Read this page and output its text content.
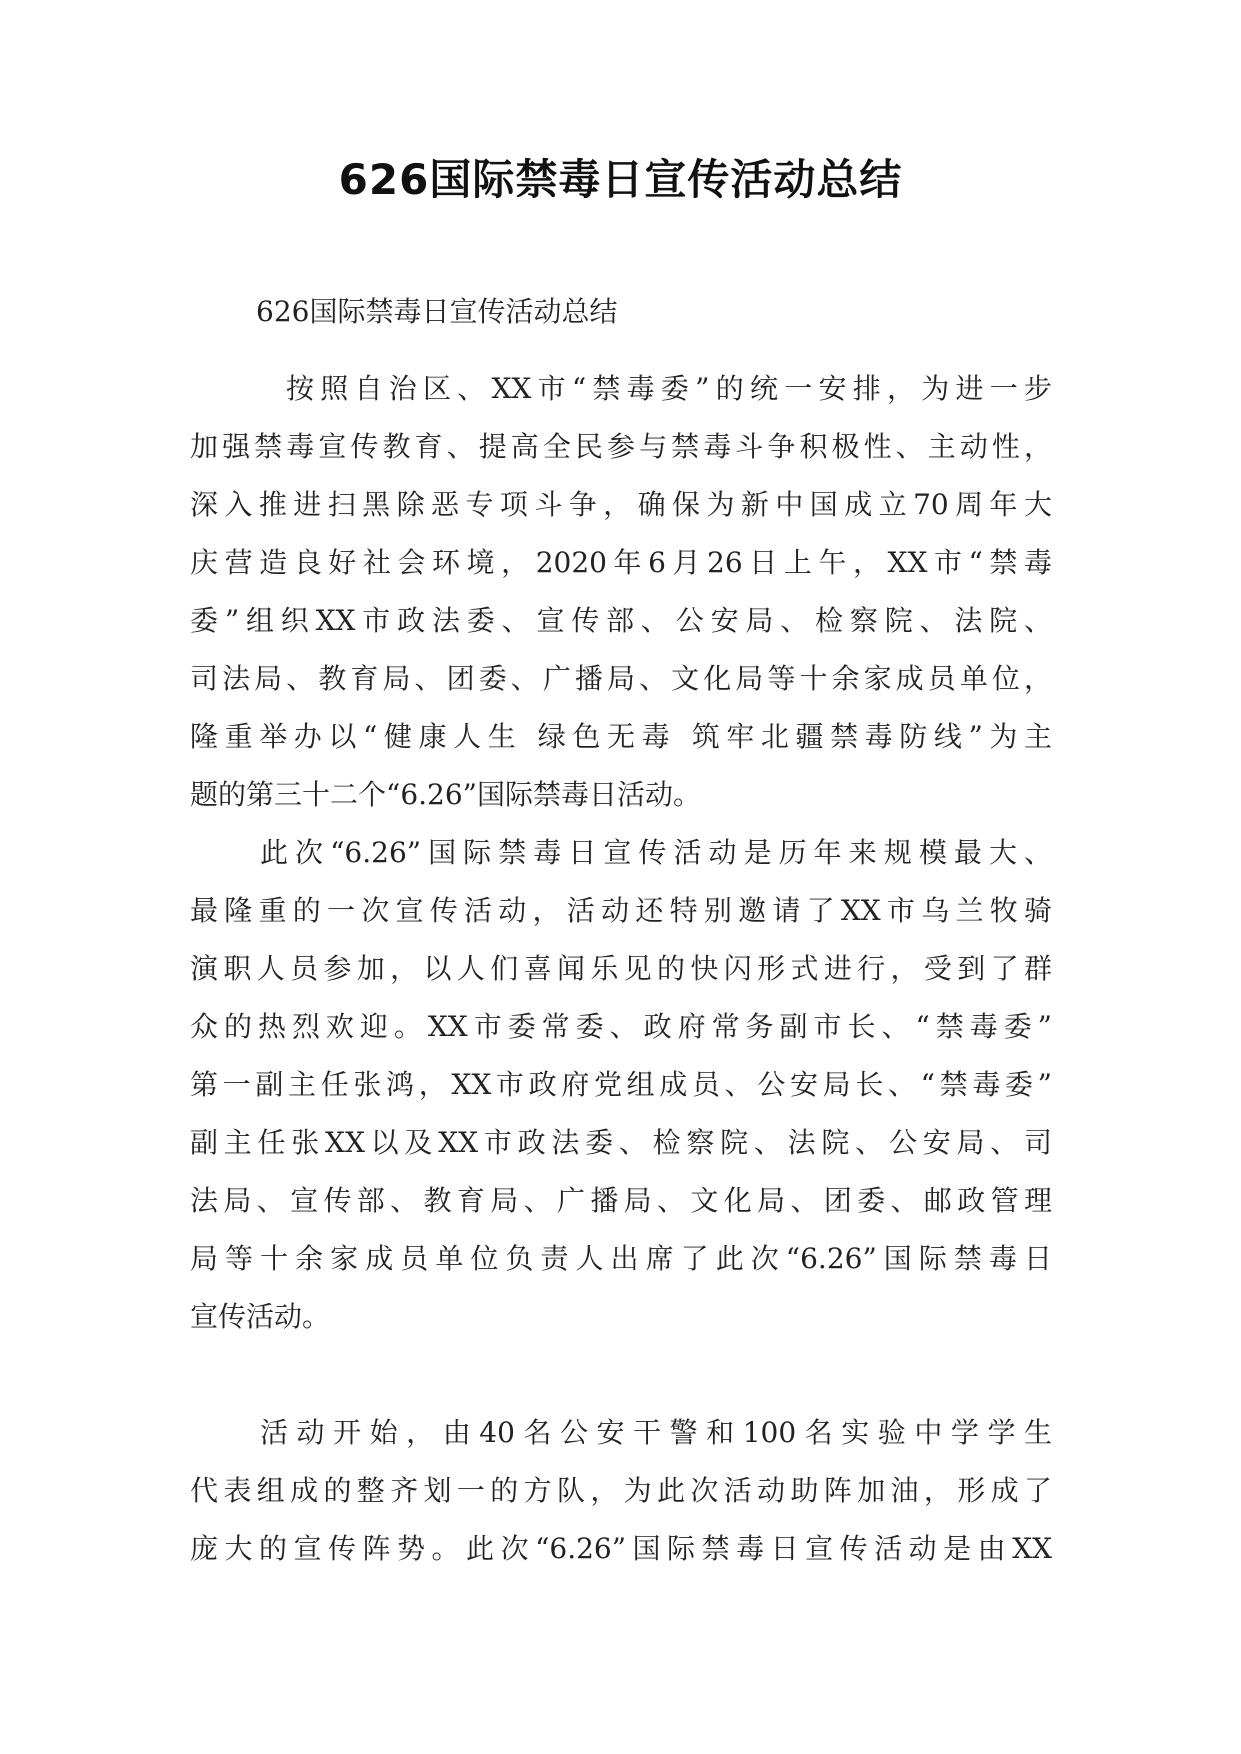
626国际禁毒日宣传活动总结

626国际禁毒日宣传活动总结

按照自治区、XX市“禁毒委”的统一安排，为进一步
加强禁毒宣传教育、提高全民参与禁毒斗争积极性、主动性，
深入推进扫黑除恶专项斗争，确保为新中国成立70周年大
庆营造良好社会环境，2020年6月26日上午，XX市“禁毒
委”组织XX市政法委、宣传部、公安局、检察院、法院、
司法局、教育局、团委、广播局、文化局等十余家成员单位，
隆重举办以“健康人生 绿色无毒 筑牢北疆禁毒防线”为主
题的第三十二个“6.26”国际禁毒日活动。
此次“6.26”国际禁毒日宣传活动是历年来规模最大、
最隆重的一次宣传活动，活动还特别邀请了XX市乌兰牧骑
演职人员参加，以人们喜闻乐见的快闪形式进行，受到了群
众的热烈欢迎。XX市委常委、政府常务副市长、“禁毒委”
第一副主任张鸿，XX市政府党组成员、公安局长、“禁毒委”
副主任张XX以及XX市政法委、检察院、法院、公安局、司
法局、宣传部、教育局、广播局、文化局、团委、邮政管理
局等十余家成员单位负责人出席了此次“6.26”国际禁毒日
宣传活动。
活动开始，由40名公安干警和100名实验中学学生
代表组成的整齐划一的方队，为此次活动助阵加油，形成了
庞大的宣传阵势。此次“6.26”国际禁毒日宣传活动是由XX
